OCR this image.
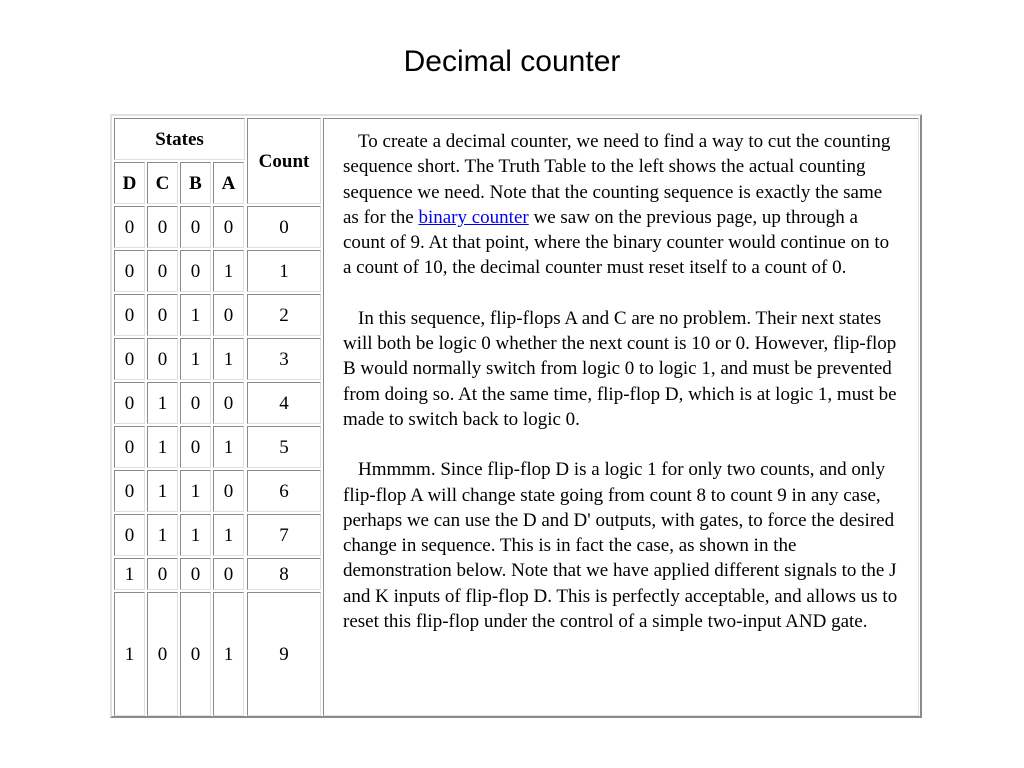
Decimal counter
States
Count
D	C	B	A
0	0	0	0	0
0	0	0	1	1
0	0	1	0	2
0	0	1	1	3
0	1	0	0	4
0	1	0	1	5
0	1	1	0	6
0	1	1	1	7
1	0	0	0	8
1	0	0	1	9

To create a decimal counter, we need to find a way to cut the counting sequence short. The Truth Table to the left shows the actual counting sequence we need. Note that the counting sequence is exactly the same as for the binary counter we saw on the previous page, up through a count of 9. At that point, where the binary counter would continue on to a count of 10, the decimal counter must reset itself to a count of 0.

In this sequence, flip-flops A and C are no problem. Their next states will both be logic 0 whether the next count is 10 or 0. However, flip-flop B would normally switch from logic 0 to logic 1, and must be prevented from doing so. At the same time, flip-flop D, which is at logic 1, must be made to switch back to logic 0.

Hmmmm. Since flip-flop D is a logic 1 for only two counts, and only flip-flop A will change state going from count 8 to count 9 in any case, perhaps we can use the D and D' outputs, with gates, to force the desired change in sequence. This is in fact the case, as shown in the demonstration below. Note that we have applied different signals to the J and K inputs of flip-flop D. This is perfectly acceptable, and allows us to reset this flip-flop under the control of a simple two-input AND gate.
